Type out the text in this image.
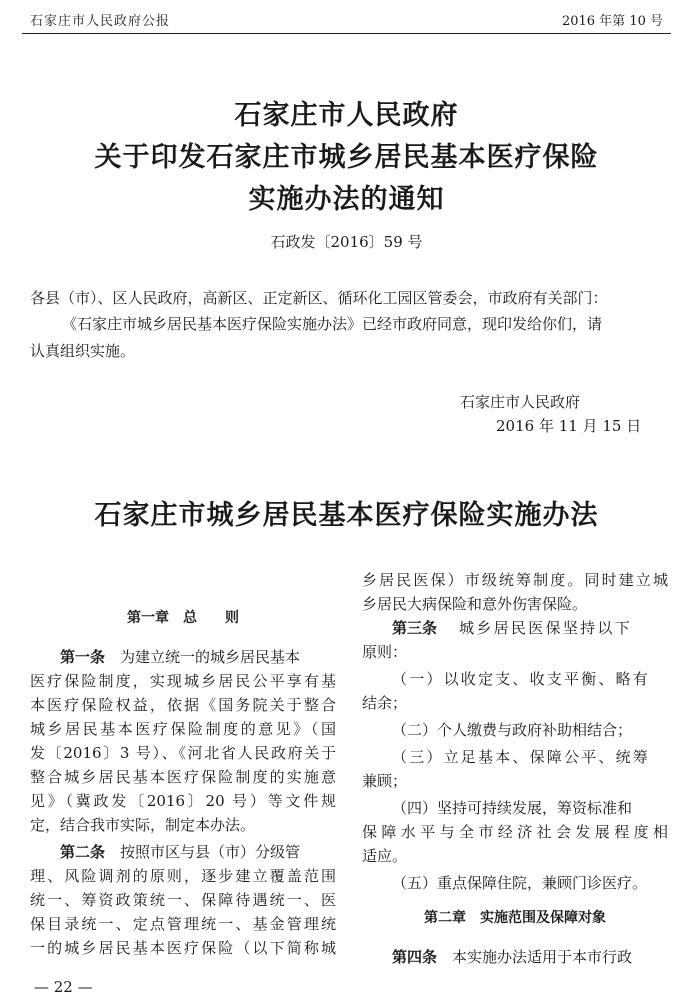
石家庄市人民政府公报	2016 年第 10 号
石家庄市人民政府
关于印发石家庄市城乡居民基本医疗保险
实施办法的通知
石政发〔2016〕59 号
各县（市）、区人民政府，高新区、正定新区、循环化工园区管委会，市政府有关部门：
《石家庄市城乡居民基本医疗保险实施办法》已经市政府同意，现印发给你们，请
认真组织实施。
石家庄市人民政府
2016 年 11 月 15 日
石家庄市城乡居民基本医疗保险实施办法
第一章　总　　则
第一条 为建立统一的城乡居民基本
医疗保险制度，实现城乡居民公平享有基
本医疗保险权益，依据《国务院关于整合
城乡居民基本医疗保险制度的意见》（国
发〔2016〕3 号）、《河北省人民政府关于
整合城乡居民基本医疗保险制度的实施意
见》（冀政发〔2016〕20 号）等文件规
定，结合我市实际，制定本办法。
第二条 按照市区与县（市）分级管
理、风险调剂的原则，逐步建立覆盖范围
统一、筹资政策统一、保障待遇统一、医
保目录统一、定点管理统一、基金管理统
一的城乡居民基本医疗保险（以下简称城
乡居民医保）市级统筹制度。同时建立城
乡居民大病保险和意外伤害保险。
第三条 城乡居民医保坚持以下
原则：
（一）以收定支、收支平衡、略有
结余；
（二）个人缴费与政府补助相结合；
（三）立足基本、保障公平、统筹
兼顾；
（四）坚持可持续发展，筹资标准和
保障水平与全市经济社会发展程度相
适应。
（五）重点保障住院，兼顾门诊医疗。
第二章　实施范围及保障对象
第四条 本实施办法适用于本市行政
— 22 —
